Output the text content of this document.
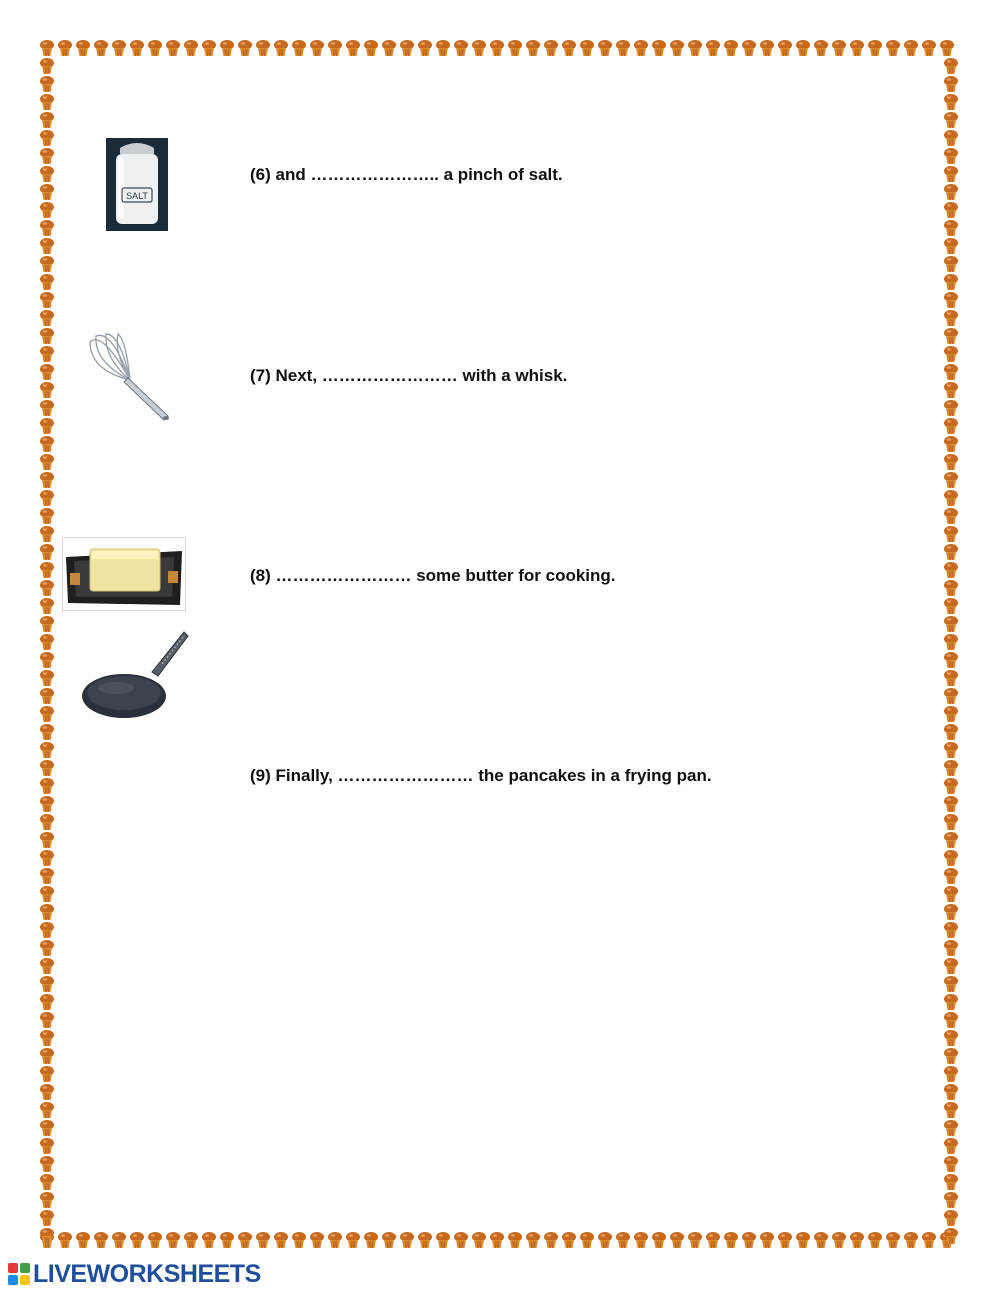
(6) and ………………….. a pinch of salt.
(7) Next, …………………… with a whisk.
(8) …………………… some butter for cooking.
(9) Finally, …………………… the pancakes in a frying pan.
SALT
LIVEWORKSHEETS
